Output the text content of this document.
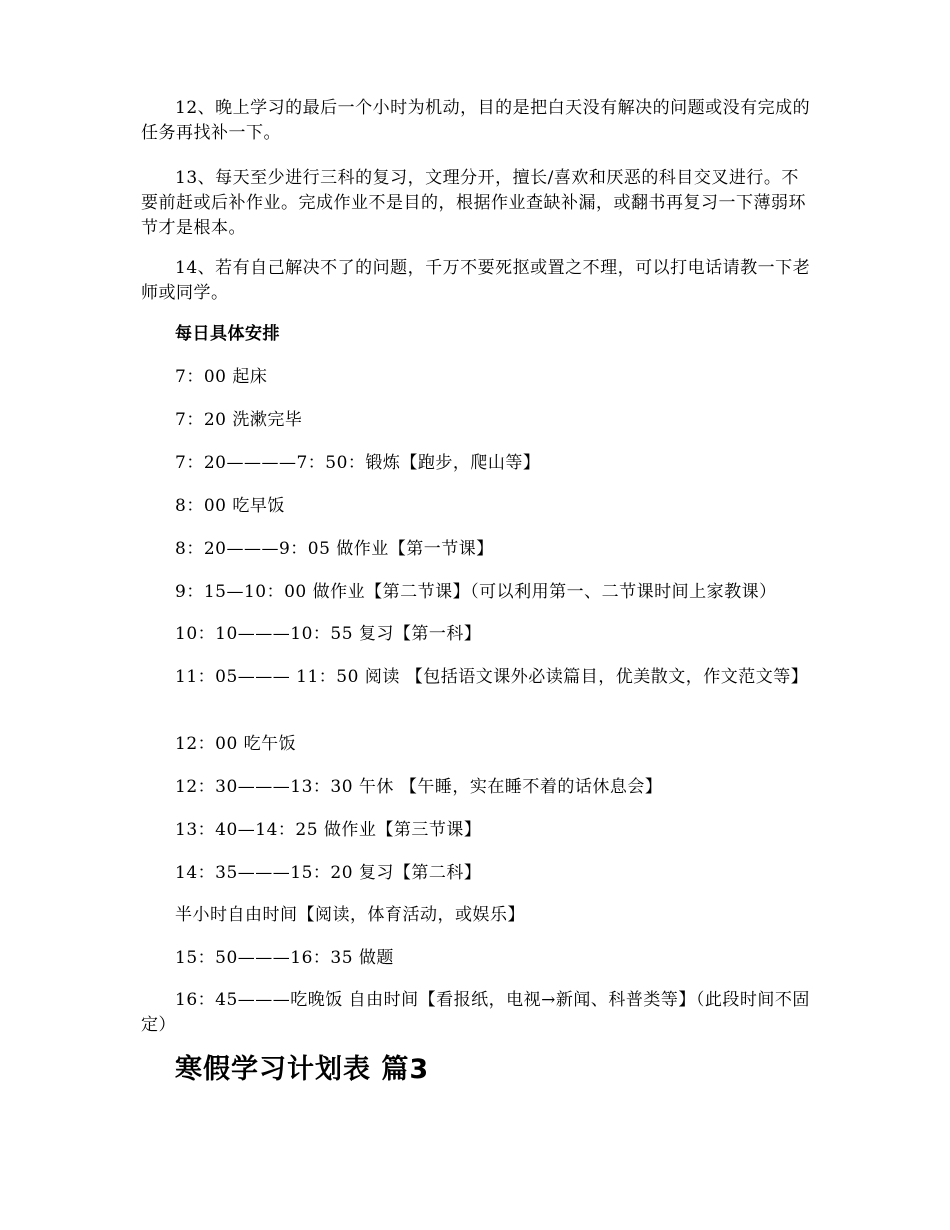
12、晚上学习的最后一个小时为机动，目的是把白天没有解决的问题或没有完成的任务再找补一下。

13、每天至少进行三科的复习，文理分开，擅长/喜欢和厌恶的科目交叉进行。不要前赶或后补作业。完成作业不是目的，根据作业查缺补漏，或翻书再复习一下薄弱环节才是根本。

14、若有自己解决不了的问题，千万不要死抠或置之不理，可以打电话请教一下老师或同学。

每日具体安排

7：00 起床

7：20 洗漱完毕

7：20————7：50：锻炼【跑步，爬山等】

8：00 吃早饭

8：20———9：05 做作业【第一节课】

9：15—10：00 做作业【第二节课】（可以利用第一、二节课时间上家教课）

10：10———10：55 复习【第一科】

11：05——— 11：50 阅读 【包括语文课外必读篇目，优美散文，作文范文等】

12：00 吃午饭

12：30———13：30 午休 【午睡，实在睡不着的话休息会】

13：40—14：25 做作业【第三节课】

14：35———15：20 复习【第二科】

半小时自由时间【阅读，体育活动，或娱乐】

15：50———16：35 做题

16：45———吃晚饭 自由时间【看报纸，电视→新闻、科普类等】（此段时间不固定）

寒假学习计划表 篇3
